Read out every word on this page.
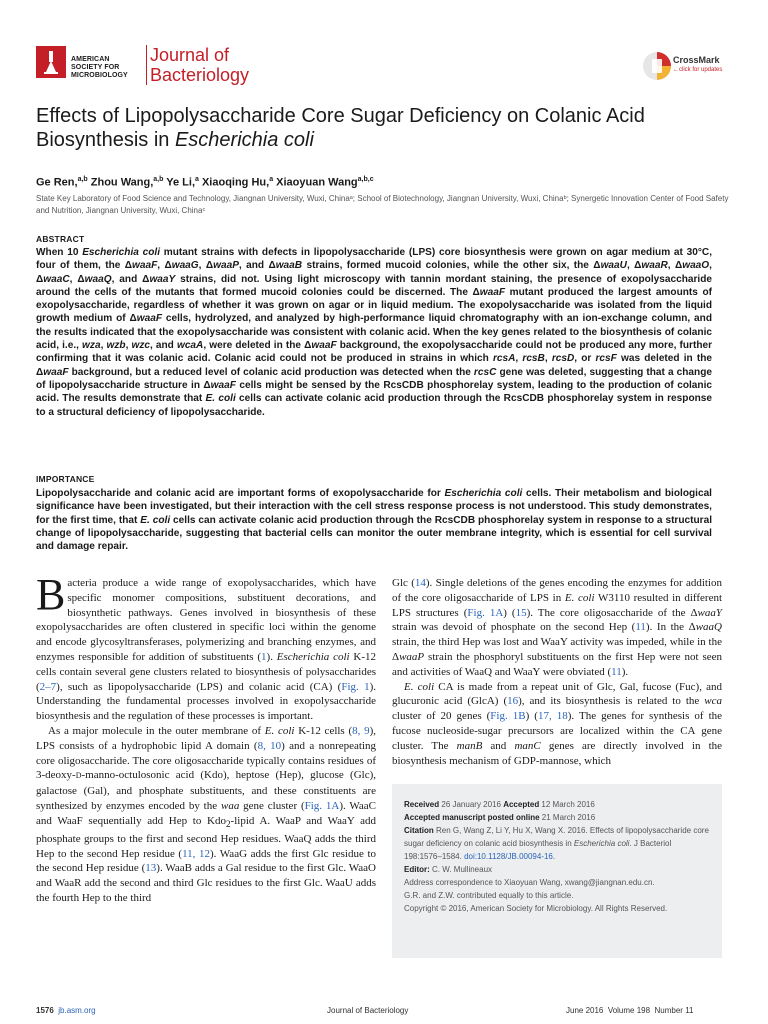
AMERICAN
SOCIETY FOR
MICROBIOLOGY
Journal of
Bacteriology
CrossMark
←click for updates
Effects of Lipopolysaccharide Core Sugar Deficiency on Colanic Acid
Biosynthesis in Escherichia coli
Ge Ren,$^{a,b}$ Zhou Wang,$^{a,b}$ Ye Li,$^a$ Xiaoqing Hu,$^a$ Xiaoyuan Wang$^{a,b,c}$
State Key Laboratory of Food Science and Technology, Jiangnan University, Wuxi, Chinaᵃ; School of Biotechnology, Jiangnan University, Wuxi, Chinaᵇ; Synergetic Innovation Center of Food Safety and Nutrition, Jiangnan University, Wuxi, Chinaᶜ
ABSTRACT
When 10 Escherichia coli mutant strains with defects in lipopolysaccharide (LPS) core biosynthesis were grown on agar medium at 30°C, four of them, the ΔwaaF, ΔwaaG, ΔwaaP, and ΔwaaB strains, formed mucoid colonies, while the other six, the ΔwaaU, ΔwaaR, ΔwaaO, ΔwaaC, ΔwaaQ, and ΔwaaY strains, did not. Using light microscopy with tannin mordant staining, the presence of exopolysaccharide around the cells of the mutants that formed mucoid colonies could be discerned. The ΔwaaF mutant produced the largest amounts of exopolysaccharide, regardless of whether it was grown on agar or in liquid medium. The exopolysaccharide was isolated from the liquid growth medium of ΔwaaF cells, hydrolyzed, and analyzed by high-performance liquid chromatography with an ion-exchange column, and the results indicated that the exopolysaccharide was consistent with colanic acid. When the key genes related to the biosynthesis of colanic acid, i.e., wza, wzb, wzc, and wcaA, were deleted in the ΔwaaF background, the exopolysaccharide could not be produced any more, further confirming that it was colanic acid. Colanic acid could not be produced in strains in which rcsA, rcsB, rcsD, or rcsF was deleted in the ΔwaaF background, but a reduced level of colanic acid production was detected when the rcsC gene was deleted, suggesting that a change of lipopolysaccharide structure in ΔwaaF cells might be sensed by the RcsCDB phosphorelay system, leading to the production of colanic acid. The results demonstrate that E. coli cells can activate colanic acid production through the RcsCDB phosphorelay system in response to a structural deficiency of lipopolysaccharide.
IMPORTANCE
Lipopolysaccharide and colanic acid are important forms of exopolysaccharide for Escherichia coli cells. Their metabolism and biological significance have been investigated, but their interaction with the cell stress response process is not understood. This study demonstrates, for the first time, that E. coli cells can activate colanic acid production through the RcsCDB phosphorelay system in response to a structural change of lipopolysaccharide, suggesting that bacterial cells can monitor the outer membrane integrity, which is essential for cell survival and damage repair.

Bacteria produce a wide range of exopolysaccharides, which have specific monomer compositions, substituent decorations, and biosynthetic pathways. Genes involved in biosynthesis of these exopolysaccharides are often clustered in specific loci within the genome and encode glycosyltransferases, polymerizing and branching enzymes, and enzymes responsible for addition of substituents (1). Escherichia coli K-12 cells contain several gene clusters related to biosynthesis of polysaccharides (2–7), such as lipopolysaccharide (LPS) and colanic acid (CA) (Fig. 1). Understanding the fundamental processes involved in exopolysaccharide biosynthesis and the regulation of these processes is important.

As a major molecule in the outer membrane of E. coli K-12 cells (8, 9), LPS consists of a hydrophobic lipid A domain (8, 10) and a nonrepeating core oligosaccharide. The core oligosaccharide typically contains residues of 3-deoxy-D-manno-octulosonic acid (Kdo), heptose (Hep), glucose (Glc), galactose (Gal), and phosphate substituents, and these constituents are synthesized by enzymes encoded by the waa gene cluster (Fig. 1A). WaaC and WaaF sequentially add Hep to Kdo$_2$-lipid A. WaaP and WaaY add phosphate groups to the first and second Hep residues. WaaQ adds the third Hep to the second Hep residue (11, 12). WaaG adds the first Glc residue to the second Hep residue (13). WaaB adds a Gal residue to the first Glc. WaaO and WaaR add the second and third Glc residues to the first Glc. WaaU adds the fourth Hep to the third

Glc (14). Single deletions of the genes encoding the enzymes for addition of the core oligosaccharide of LPS in E. coli W3110 resulted in different LPS structures (Fig. 1A) (15). The core oligosaccharide of the ΔwaaY strain was devoid of phosphate on the second Hep (11). In the ΔwaaQ strain, the third Hep was lost and WaaY activity was impeded, while in the ΔwaaP strain the phosphoryl substituents on the first Hep were not seen and activities of WaaQ and WaaY were obviated (11).

E. coli CA is made from a repeat unit of Glc, Gal, fucose (Fuc), and glucuronic acid (GlcA) (16), and its biosynthesis is related to the wca cluster of 20 genes (Fig. 1B) (17, 18). The genes for synthesis of the fucose nucleoside-sugar precursors are localized within the CA gene cluster. The manB and manC genes are directly involved in the biosynthesis mechanism of GDP-mannose, which

Received 26 January 2016 Accepted 12 March 2016
Accepted manuscript posted online 21 March 2016
Citation Ren G, Wang Z, Li Y, Hu X, Wang X. 2016. Effects of lipopolysaccharide core sugar deficiency on colanic acid biosynthesis in Escherichia coli. J Bacteriol 198:1576–1584. doi:10.1128/JB.00094-16.
Editor: C. W. Mullineaux
Address correspondence to Xiaoyuan Wang, xwang@jiangnan.edu.cn.
G.R. and Z.W. contributed equally to this article.
Copyright © 2016, American Society for Microbiology. All Rights Reserved.
1576 jb.asm.org	Journal of Bacteriology	June 2016  Volume 198  Number 11
